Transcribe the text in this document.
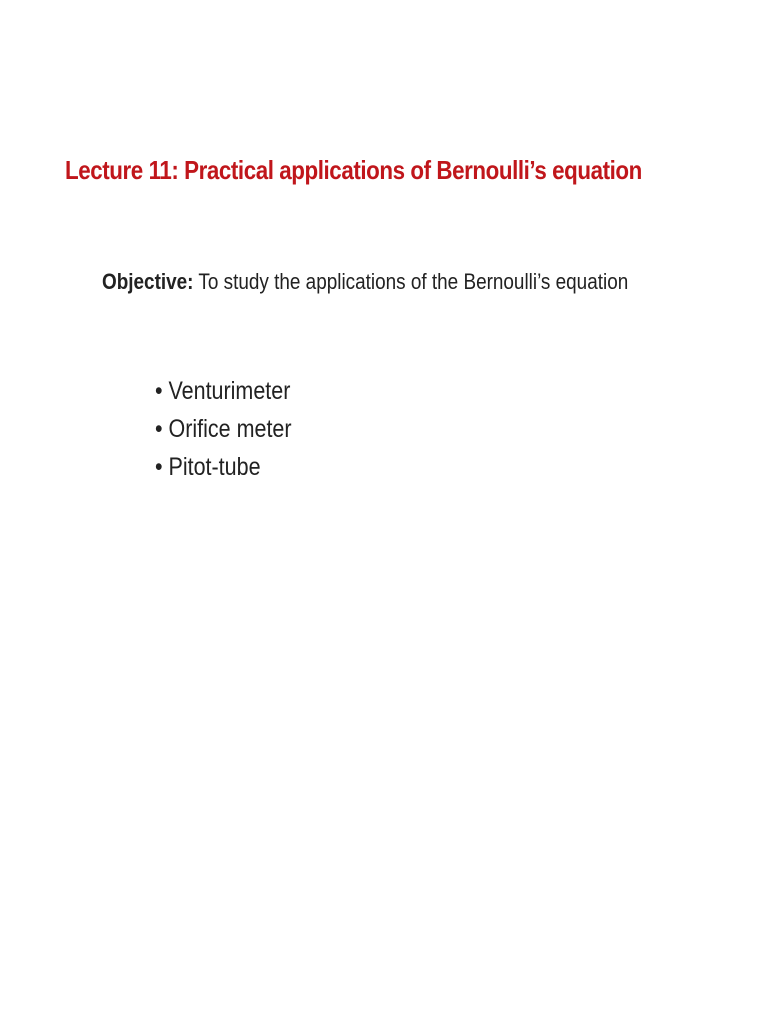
Lecture 11: Practical applications of Bernoulli’s equation
Objective: To study the applications of the Bernoulli’s equation
• Venturimeter
• Orifice meter
• Pitot-tube
